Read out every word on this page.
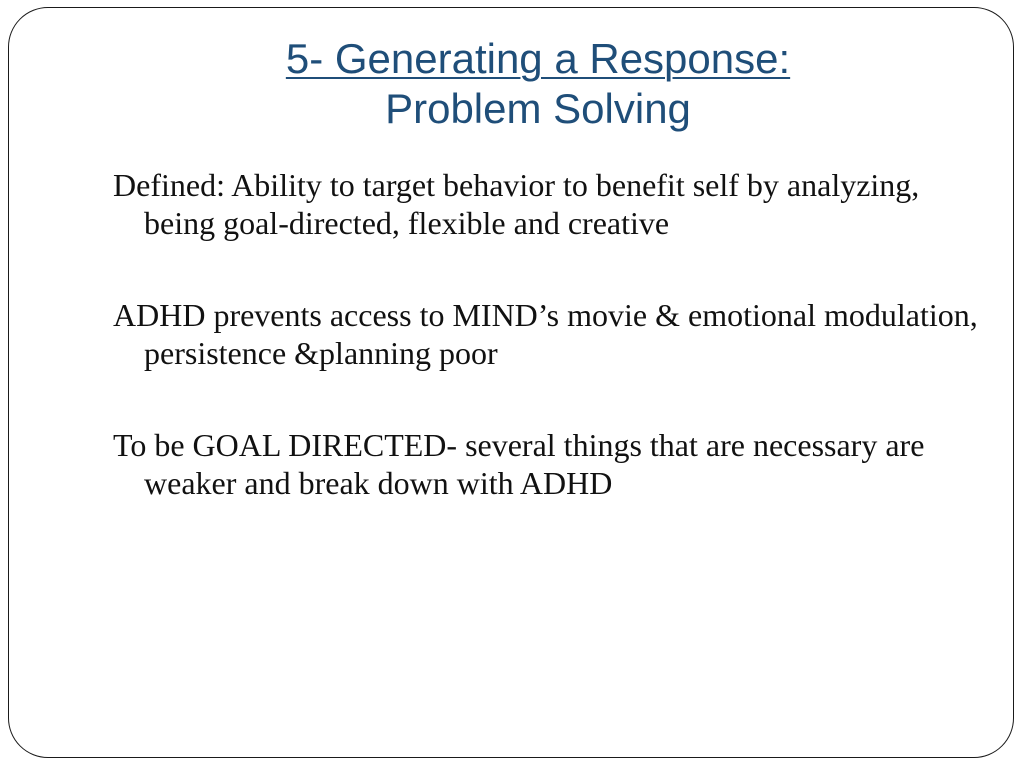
5- Generating a Response:
Problem Solving

Defined: Ability to target behavior to benefit self by analyzing, being goal-directed, flexible and creative

ADHD prevents access to MIND’s movie & emotional modulation, persistence &planning poor

To be GOAL DIRECTED- several things that are necessary are weaker and break down with ADHD
